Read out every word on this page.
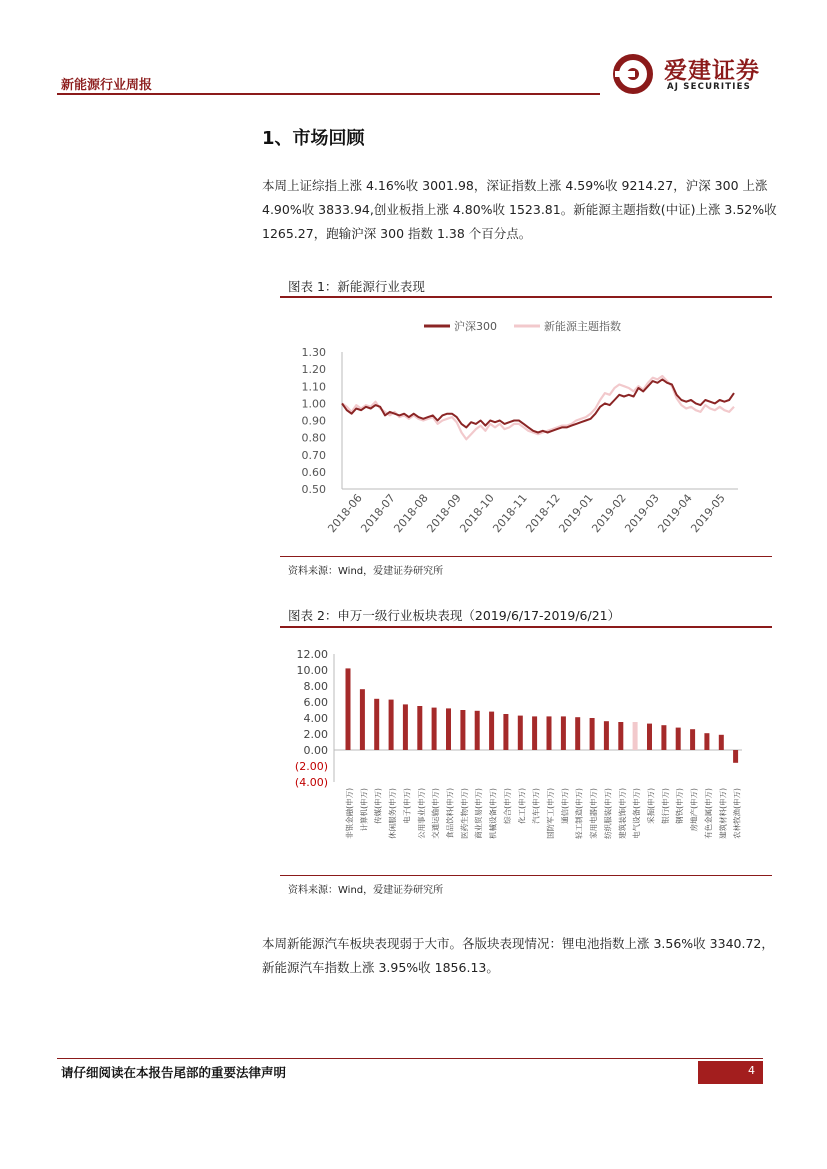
新能源行业周报
爱建证券
AJ SECURITIES
1、市场回顾
本周上证综指上涨 4.16%收 3001.98，深证指数上涨 4.59%收 9214.27，沪深 300 上涨 4.90%收 3833.94,创业板指上涨 4.80%收 1523.81。新能源主题指数(中证)上涨 3.52%收 1265.27，跑输沪深 300 指数 1.38 个百分点。
图表 1：新能源行业表现
沪深300	新能源主题指数
1.30
1.20
1.10
1.00
0.90
0.80
0.70
0.60
0.50
2018-06
2018-07
2018-08
2018-09
2018-10
2018-11
2018-12
2019-01
2019-02
2019-03
2019-04
2019-05
资料来源：Wind，爱建证券研究所
图表 2：申万一级行业板块表现（2019/6/17-2019/6/21）
12.00
10.00
8.00
6.00
4.00
2.00
0.00
(2.00)
(4.00)
非银金融(申万) 计算机(申万) 传媒(申万) 休闲服务(申万) 电子(申万) 公用事业(申万) 交通运输(申万) 食品饮料(申万) 医药生物(申万) 商业贸易(申万) 机械设备(申万) 综合(申万) 化工(申万) 汽车(申万) 国防军工(申万) 通信(申万) 轻工制造(申万) 家用电器(申万) 纺织服装(申万) 建筑装饰(申万) 电气设备(申万) 采掘(申万) 银行(申万) 钢铁(申万) 房地产(申万) 有色金属(申万) 建筑材料(申万) 农林牧渔(申万)
资料来源：Wind，爱建证券研究所
本周新能源汽车板块表现弱于大市。各版块表现情况：锂电池指数上涨 3.56%收 3340.72，新能源汽车指数上涨 3.95%收 1856.13。
请仔细阅读在本报告尾部的重要法律声明	4
